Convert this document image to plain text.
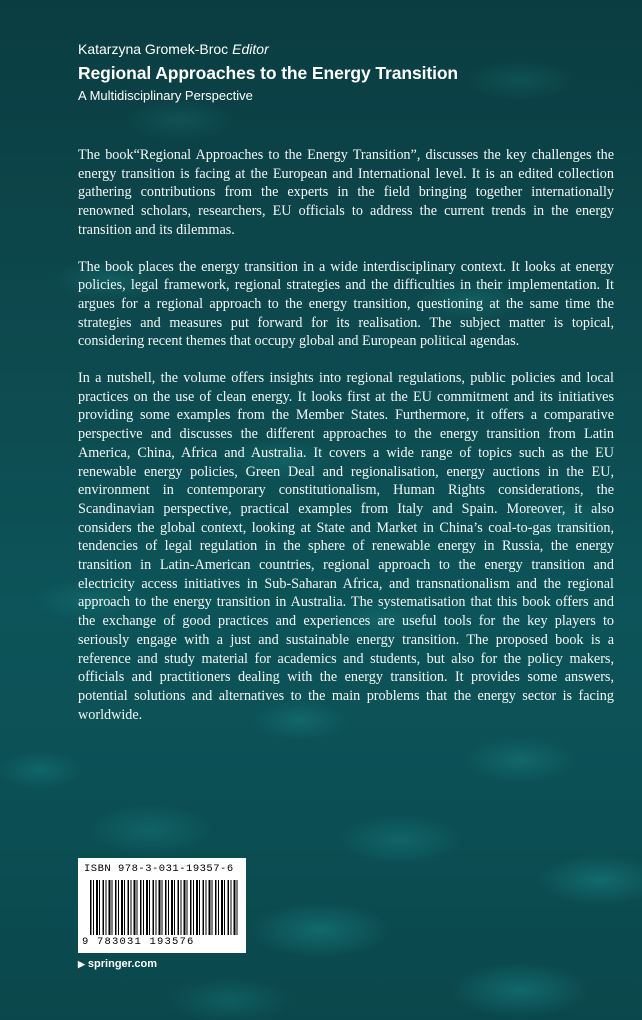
Katarzyna Gromek-Broc Editor
Regional Approaches to the Energy Transition
A Multidisciplinary Perspective

The book“Regional Approaches to the Energy Transition”, discusses the key challenges the energy transition is facing at the European and International level. It is an edited collection gathering contributions from the experts in the field bringing together internationally renowned scholars, researchers, EU officials to address the current trends in the energy transition and its dilemmas.

The book places the energy transition in a wide interdisciplinary context. It looks at energy policies, legal framework, regional strategies and the difficulties in their implementation. It argues for a regional approach to the energy transition, questioning at the same time the strategies and measures put forward for its realisation. The subject matter is topical, considering recent themes that occupy global and European political agendas.

In a nutshell, the volume offers insights into regional regulations, public policies and local practices on the use of clean energy. It looks first at the EU commitment and its initiatives providing some examples from the Member States. Furthermore, it offers a comparative perspective and discusses the different approaches to the energy transition from Latin America, China, Africa and Australia. It covers a wide range of topics such as the EU renewable energy policies, Green Deal and regionalisation, energy auctions in the EU, environment in contemporary constitutionalism, Human Rights considerations, the Scandinavian perspective, practical examples from Italy and Spain. Moreover, it also considers the global context, looking at State and Market in China’s coal-to-gas transition, tendencies of legal regulation in the sphere of renewable energy in Russia, the energy transition in Latin-American countries, regional approach to the energy transition and electricity access initiatives in Sub-Saharan Africa, and transnationalism and the regional approach to the energy transition in Australia. The systematisation that this book offers and the exchange of good practices and experiences are useful tools for the key players to seriously engage with a just and sustainable energy transition. The proposed book is a reference and study material for academics and students, but also for the policy makers, officials and practitioners dealing with the energy transition. It provides some answers, potential solutions and alternatives to the main problems that the energy sector is facing worldwide.

ISBN 978-3-031-19357-6
9 783031 193576
▶ springer.com
